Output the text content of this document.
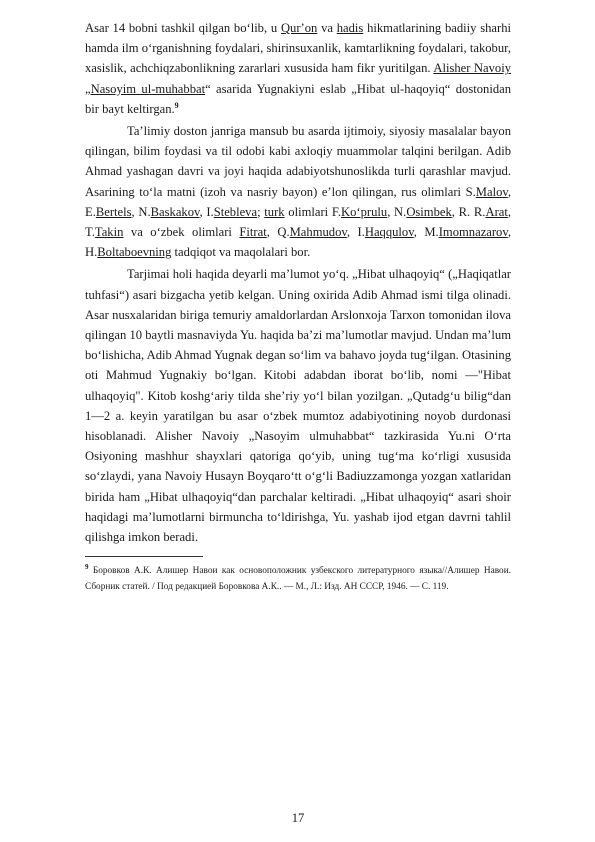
Asar 14 bobni tashkil qilgan boʻlib, u Qurʼon va hadis hikmatlarining badiiy sharhi hamda ilm oʻrganishning foydalari, shirinsuxanlik, kamtarlikning foydalari, takobur, xasislik, achchiqzabonlikning zararlari xususida ham fikr yuritilgan. Alisher Navoiy „Nasoyim ul-muhabbat“ asarida Yugnakiyni eslab „Hibat ul-haqoyiq“ dostonidan bir bayt keltirgan.$^9$

Taʼlimiy doston janriga mansub bu asarda ijtimoiy, siyosiy masalalar bayon qilingan, bilim foydasi va til odobi kabi axloqiy muammolar talqini berilgan. Adib Ahmad yashagan davri va joyi haqida adabiyotshunoslikda turli qarashlar mavjud. Asarining toʻla matni (izoh va nasriy bayon) eʼlon qilingan, rus olimlari S.Malov, E.Bertels, N.Baskakov, I.Stebleva; turk olimlari F.Koʻprulu, N.Osimbek, R. R.Arat, T.Takin va oʻzbek olimlari Fitrat, Q.Mahmudov, I.Haqqulov, M.Imomnazarov, H.Boltaboevning tadqiqot va maqolalari bor.

Tarjimai holi haqida deyarli maʼlumot yoʻq. „Hibat ulhaqoyiq“ („Haqiqatlar tuhfasi“) asari bizgacha yetib kelgan. Uning oxirida Adib Ahmad ismi tilga olinadi. Asar nusxalaridan biriga temuriy amaldorlardan Arslonxoja Tarxon tomonidan ilova qilingan 10 baytli masnaviyda Yu. haqida baʼzi maʼlumotlar mavjud. Undan maʼlum boʻlishicha, Adib Ahmad Yugnak degan soʻlim va bahavo joyda tugʻilgan. Otasining oti Mahmud Yugnakiy boʻlgan. Kitobi adabdan iborat boʻlib, nomi —"Hibat ulhaqoyiq". Kitob koshgʻariy tilda sheʼriy yoʻl bilan yozilgan. „Qutadgʻu bilig“dan 1—2 a. keyin yaratilgan bu asar oʻzbek mumtoz adabiyotining noyob durdonasi hisoblanadi. Alisher Navoiy „Nasoyim ulmuhabbat“ tazkirasida Yu.ni Oʻrta Osiyoning mashhur shayxlari qatoriga qoʻyib, uning tugʻma koʻrligi xususida soʻzlaydi, yana Navoiy Husayn Boyqaroʻtt oʻgʻli Badiuzzamonga yozgan xatlaridan birida ham „Hibat ulhaqoyiq“dan parchalar keltiradi. „Hibat ulhaqoyiq“ asari shoir haqidagi maʼlumotlarni birmuncha toʻldirishga, Yu. yashab ijod etgan davrni tahlil qilishga imkon beradi.

$^9$ Боровков А.К. Алишер Навои как основоположник узбекского литературного языка//Алишер Навои. Сборник статей. / Под редакцией Боровкова А.К.. — М., Л.: Изд. АН СССР, 1946. — С. 119.

17
